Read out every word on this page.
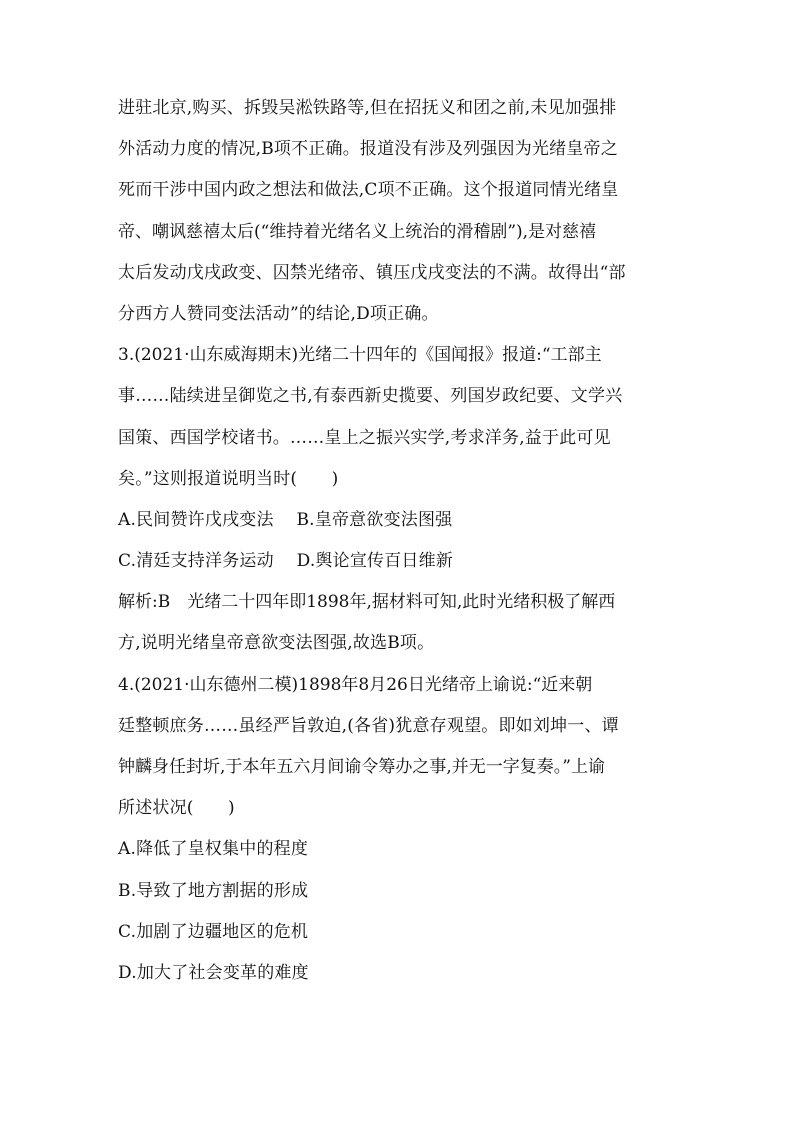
进驻北京,购买、拆毁吴淞铁路等,但在招抚义和团之前,未见加强排
外活动力度的情况,B项不正确。报道没有涉及列强因为光绪皇帝之
死而干涉中国内政之想法和做法,C项不正确。这个报道同情光绪皇
帝、嘲讽慈禧太后(“维持着光绪名义上统治的滑稽剧”),是对慈禧
太后发动戊戌政变、囚禁光绪帝、镇压戊戌变法的不满。故得出“部
分西方人赞同变法活动”的结论,D项正确。
3.(2021·山东威海期末)光绪二十四年的《国闻报》报道:“工部主
事……陆续进呈御览之书,有泰西新史揽要、列国岁政纪要、文学兴
国策、西国学校诸书。……皇上之振兴实学,考求洋务,益于此可见
矣。”这则报道说明当时(　　)
A.民间赞许戊戌变法　 B.皇帝意欲变法图强
C.清廷支持洋务运动　 D.舆论宣传百日维新
解析:B　光绪二十四年即1898年,据材料可知,此时光绪积极了解西
方,说明光绪皇帝意欲变法图强,故选B项。
4.(2021·山东德州二模)1898年8月26日光绪帝上谕说:“近来朝
廷整顿庶务……虽经严旨敦迫,(各省)犹意存观望。即如刘坤一、谭
钟麟身任封圻,于本年五六月间谕令筹办之事,并无一字复奏。”上谕
所述状况(　　)
A.降低了皇权集中的程度
B.导致了地方割据的形成
C.加剧了边疆地区的危机
D.加大了社会变革的难度
